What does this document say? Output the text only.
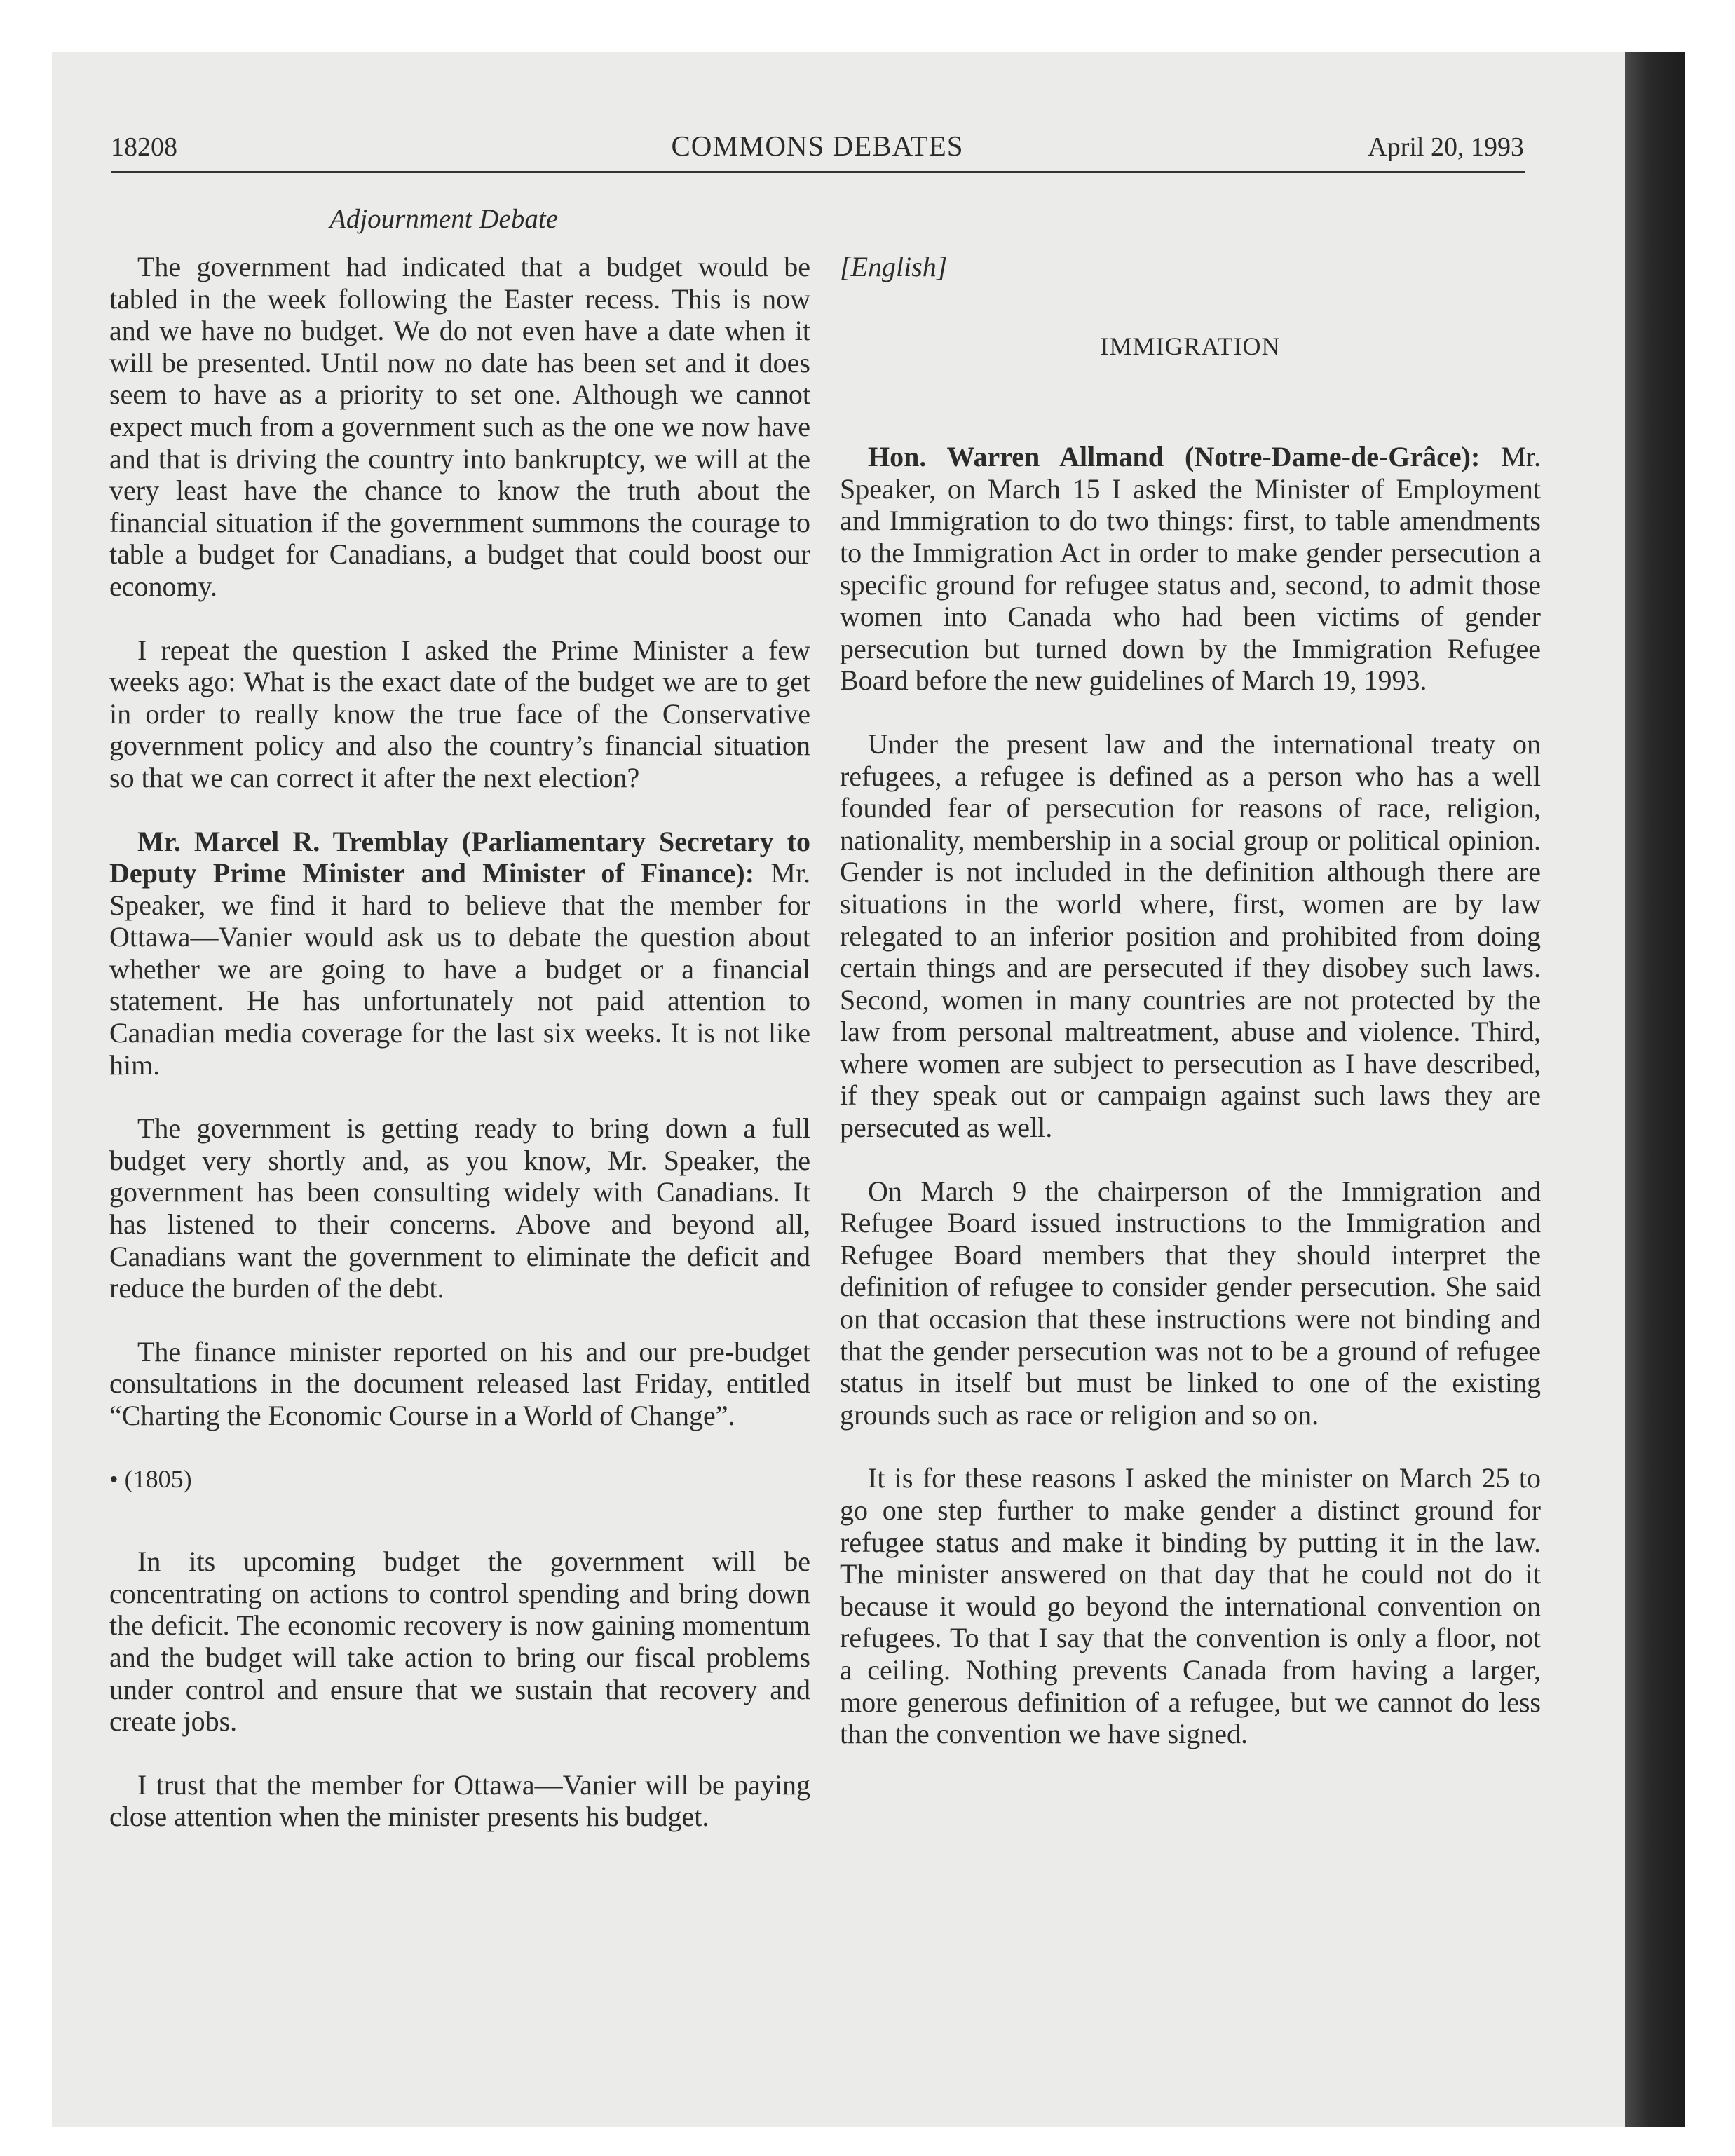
18208	COMMONS DEBATES	April 20, 1993
Adjournment Debate

The government had indicated that a budget would be tabled in the week following the Easter recess. This is now and we have no budget. We do not even have a date when it will be presented. Until now no date has been set and it does seem to have as a priority to set one. Although we cannot expect much from a government such as the one we now have and that is driving the country into bankruptcy, we will at the very least have the chance to know the truth about the financial situation if the government summons the courage to table a budget for Canadians, a budget that could boost our economy.

I repeat the question I asked the Prime Minister a few weeks ago: What is the exact date of the budget we are to get in order to really know the true face of the Conservative government policy and also the country’s financial situation so that we can correct it after the next election?

Mr. Marcel R. Tremblay (Parliamentary Secretary to Deputy Prime Minister and Minister of Finance): Mr. Speaker, we find it hard to believe that the member for Ottawa—Vanier would ask us to debate the question about whether we are going to have a budget or a financial statement. He has unfortunately not paid attention to Canadian media coverage for the last six weeks. It is not like him.

The government is getting ready to bring down a full budget very shortly and, as you know, Mr. Speaker, the government has been consulting widely with Canadians. It has listened to their concerns. Above and beyond all, Canadians want the government to eliminate the deficit and reduce the burden of the debt.

The finance minister reported on his and our pre-budget consultations in the document released last Friday, entitled “Charting the Economic Course in a World of Change”.

• (1805)

In its upcoming budget the government will be concentrating on actions to control spending and bring down the deficit. The economic recovery is now gaining momentum and the budget will take action to bring our fiscal problems under control and ensure that we sustain that recovery and create jobs.

I trust that the member for Ottawa—Vanier will be paying close attention when the minister presents his budget.

[English]
IMMIGRATION

Hon. Warren Allmand (Notre-Dame-de-Grâce): Mr. Speaker, on March 15 I asked the Minister of Employment and Immigration to do two things: first, to table amendments to the Immigration Act in order to make gender persecution a specific ground for refugee status and, second, to admit those women into Canada who had been victims of gender persecution but turned down by the Immigration Refugee Board before the new guidelines of March 19, 1993.

Under the present law and the international treaty on refugees, a refugee is defined as a person who has a well founded fear of persecution for reasons of race, religion, nationality, membership in a social group or political opinion. Gender is not included in the definition although there are situations in the world where, first, women are by law relegated to an inferior position and prohibited from doing certain things and are persecuted if they disobey such laws. Second, women in many countries are not protected by the law from personal maltreatment, abuse and violence. Third, where women are subject to persecution as I have described, if they speak out or campaign against such laws they are persecuted as well.

On March 9 the chairperson of the Immigration and Refugee Board issued instructions to the Immigration and Refugee Board members that they should interpret the definition of refugee to consider gender persecution. She said on that occasion that these instructions were not binding and that the gender persecution was not to be a ground of refugee status in itself but must be linked to one of the existing grounds such as race or religion and so on.

It is for these reasons I asked the minister on March 25 to go one step further to make gender a distinct ground for refugee status and make it binding by putting it in the law. The minister answered on that day that he could not do it because it would go beyond the international convention on refugees. To that I say that the convention is only a floor, not a ceiling. Nothing prevents Canada from having a larger, more generous definition of a refugee, but we cannot do less than the convention we have signed.
